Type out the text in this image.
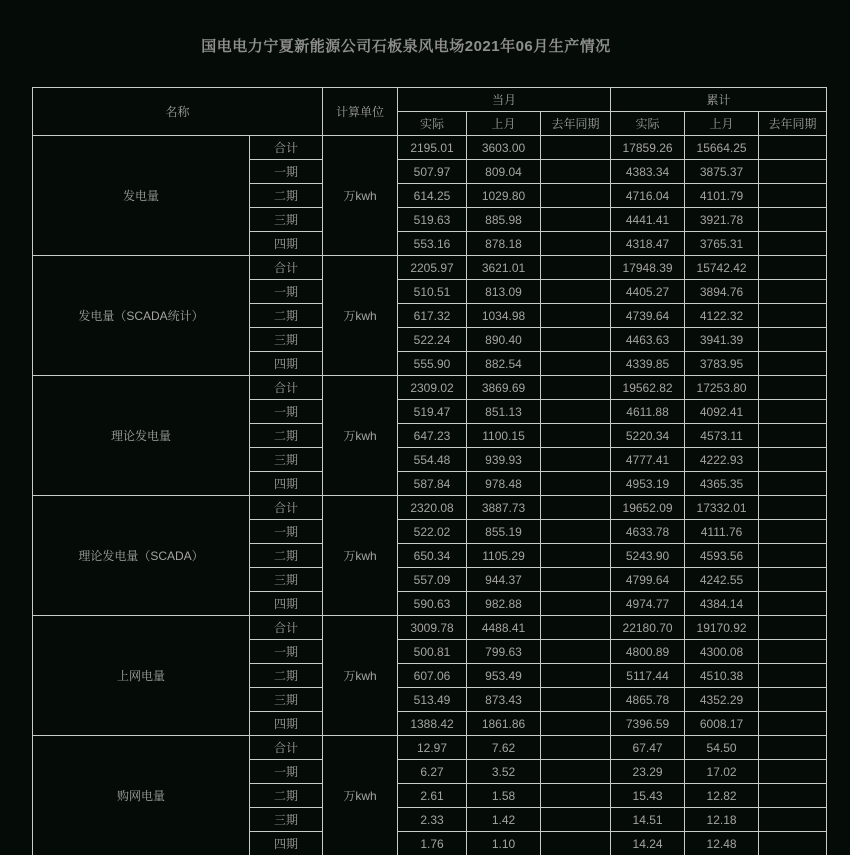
国电电力宁夏新能源公司石板泉风电场2021年06月生产情况
名称		计算单位	当月			累计		
			实际	上月	去年同期	实际	上月	去年同期
发电量	合计	万kwh	2195.01	3603.00		17859.26	15664.25	
	一期		507.97	809.04		4383.34	3875.37	
	二期		614.25	1029.80		4716.04	4101.79	
	三期		519.63	885.98		4441.41	3921.78	
	四期		553.16	878.18		4318.47	3765.31	
发电量（SCADA统计）	合计	万kwh	2205.97	3621.01		17948.39	15742.42	
	一期		510.51	813.09		4405.27	3894.76	
	二期		617.32	1034.98		4739.64	4122.32	
	三期		522.24	890.40		4463.63	3941.39	
	四期		555.90	882.54		4339.85	3783.95	
理论发电量	合计	万kwh	2309.02	3869.69		19562.82	17253.80	
	一期		519.47	851.13		4611.88	4092.41	
	二期		647.23	1100.15		5220.34	4573.11	
	三期		554.48	939.93		4777.41	4222.93	
	四期		587.84	978.48		4953.19	4365.35	
理论发电量（SCADA）	合计	万kwh	2320.08	3887.73		19652.09	17332.01	
	一期		522.02	855.19		4633.78	4111.76	
	二期		650.34	1105.29		5243.90	4593.56	
	三期		557.09	944.37		4799.64	4242.55	
	四期		590.63	982.88		4974.77	4384.14	
上网电量	合计	万kwh	3009.78	4488.41		22180.70	19170.92	
	一期		500.81	799.63		4800.89	4300.08	
	二期		607.06	953.49		5117.44	4510.38	
	三期		513.49	873.43		4865.78	4352.29	
	四期		1388.42	1861.86		7396.59	6008.17	
购网电量	合计	万kwh	12.97	7.62		67.47	54.50	
	一期		6.27	3.52		23.29	17.02	
	二期		2.61	1.58		15.43	12.82	
	三期		2.33	1.42		14.51	12.18	
	四期		1.76	1.10		14.24	12.48	
